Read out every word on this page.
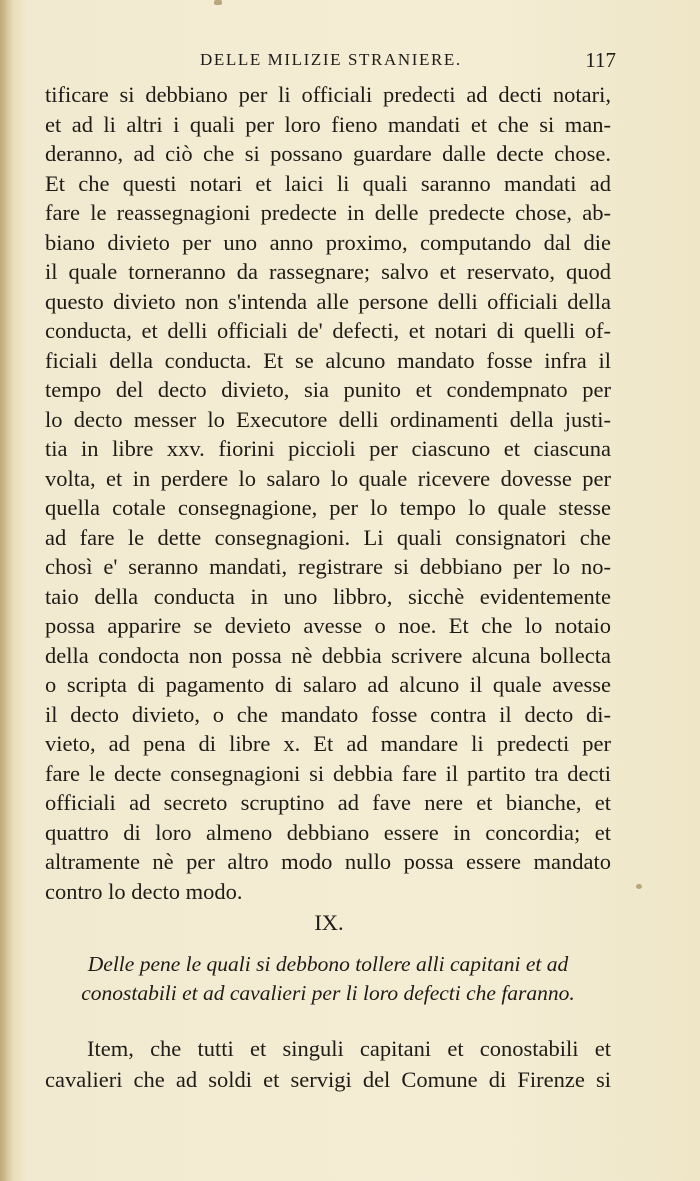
DELLE MILIZIE STRANIERE.	117
tificare si debbiano per li officiali predecti ad decti notari,
et ad li altri i quali per loro fieno mandati et che si man-
deranno, ad ciò che si possano guardare dalle decte chose.
Et che questi notari et laici li quali saranno mandati ad
fare le reassegnagioni predecte in delle predecte chose, ab-
biano divieto per uno anno proximo, computando dal die
il quale torneranno da rassegnare; salvo et reservato, quod
questo divieto non s'intenda alle persone delli officiali della
conducta, et delli officiali de' defecti, et notari di quelli of-
ficiali della conducta. Et se alcuno mandato fosse infra il
tempo del decto divieto, sia punito et condempnato per
lo decto messer lo Executore delli ordinamenti della justi-
tia in libre xxv. fiorini piccioli per ciascuno et ciascuna
volta, et in perdere lo salaro lo quale ricevere dovesse per
quella cotale consegnagione, per lo tempo lo quale stesse
ad fare le dette consegnagioni. Li quali consignatori che
chosì e' seranno mandati, registrare si debbiano per lo no-
taio della conducta in uno libbro, sicchè evidentemente
possa apparire se devieto avesse o noe. Et che lo notaio
della condocta non possa nè debbia scrivere alcuna bollecta
o scripta di pagamento di salaro ad alcuno il quale avesse
il decto divieto, o che mandato fosse contra il decto di-
vieto, ad pena di libre x. Et ad mandare li predecti per
fare le decte consegnagioni si debbia fare il partito tra decti
officiali ad secreto scruptino ad fave nere et bianche, et
quattro di loro almeno debbiano essere in concordia; et
altramente nè per altro modo nullo possa essere mandato
contro lo decto modo.
IX.
Delle pene le quali si debbono tollere alli capitani et ad
conostabili et ad cavalieri per li loro defecti che faranno.
Item, che tutti et singuli capitani et conostabili et
cavalieri che ad soldi et servigi del Comune di Firenze si
